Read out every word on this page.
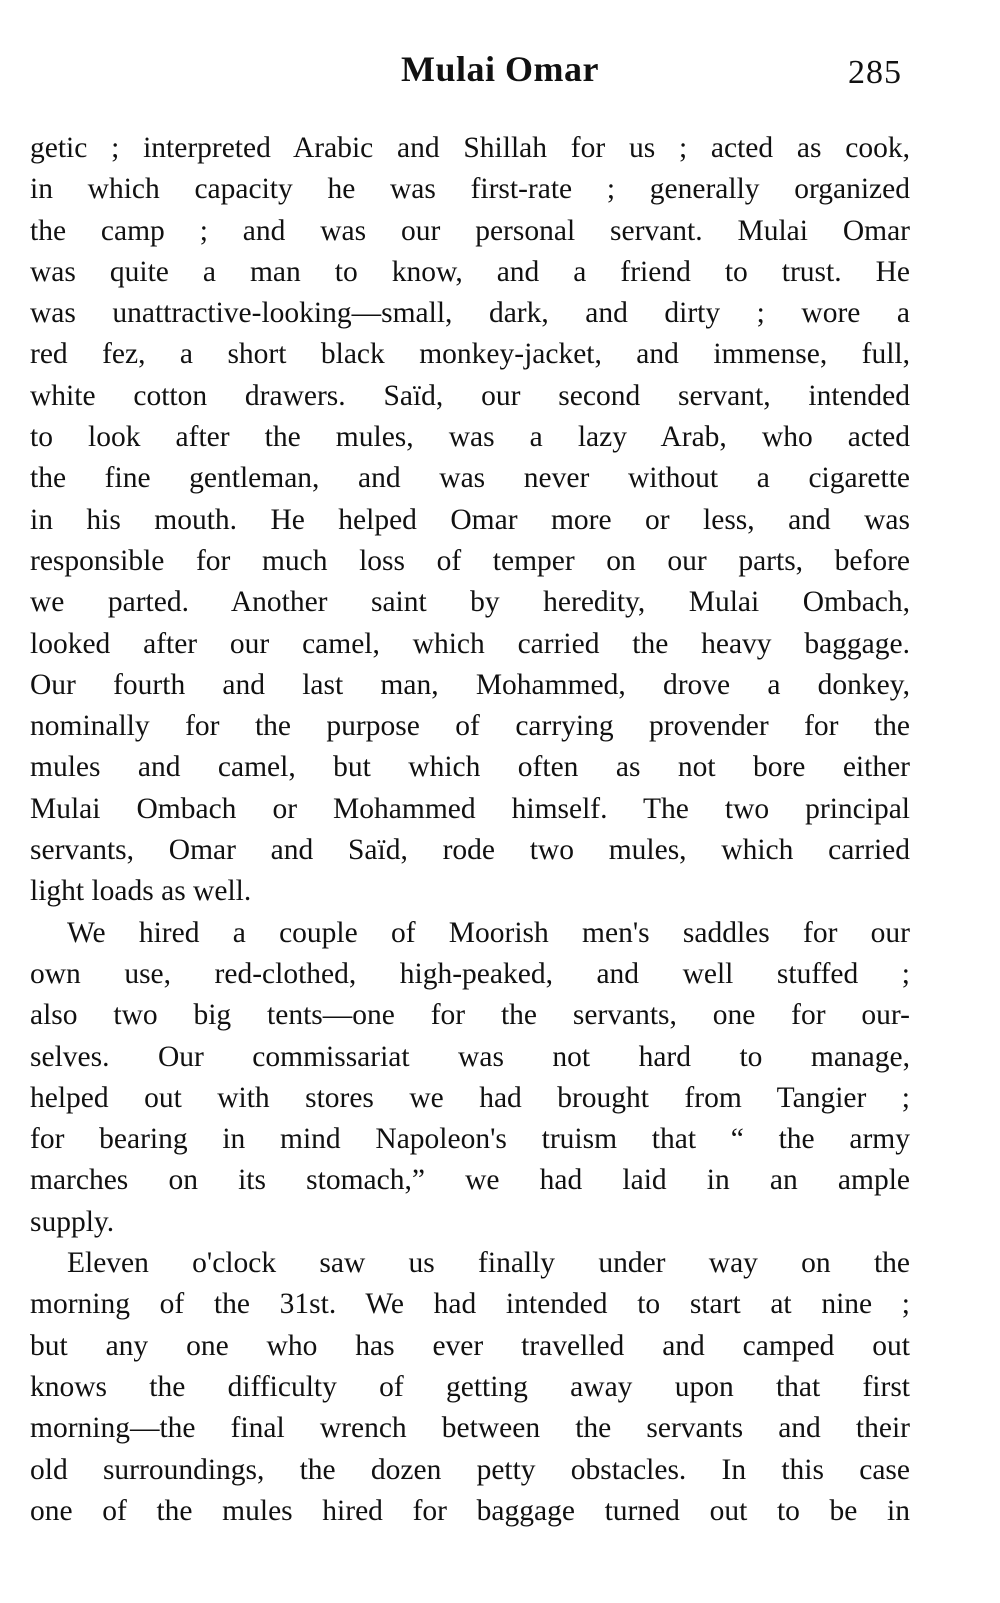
Mulai Omar	285
getic ; interpreted Arabic and Shillah for us ; acted as cook,
in which capacity he was first-rate ; generally organized
the camp ; and was our personal servant. Mulai Omar
was quite a man to know, and a friend to trust. He
was unattractive-looking—small, dark, and dirty ; wore a
red fez, a short black monkey-jacket, and immense, full,
white cotton drawers. Saïd, our second servant, intended
to look after the mules, was a lazy Arab, who acted
the fine gentleman, and was never without a cigarette
in his mouth. He helped Omar more or less, and was
responsible for much loss of temper on our parts, before
we parted. Another saint by heredity, Mulai Ombach,
looked after our camel, which carried the heavy baggage.
Our fourth and last man, Mohammed, drove a donkey,
nominally for the purpose of carrying provender for the
mules and camel, but which often as not bore either
Mulai Ombach or Mohammed himself. The two principal
servants, Omar and Saïd, rode two mules, which carried
light loads as well.
We hired a couple of Moorish men's saddles for our
own use, red-clothed, high-peaked, and well stuffed ;
also two big tents—one for the servants, one for our-
selves. Our commissariat was not hard to manage,
helped out with stores we had brought from Tangier ;
for bearing in mind Napoleon's truism that “ the army
marches on its stomach,” we had laid in an ample
supply.
Eleven o'clock saw us finally under way on the
morning of the 31st. We had intended to start at nine ;
but any one who has ever travelled and camped out
knows the difficulty of getting away upon that first
morning—the final wrench between the servants and their
old surroundings, the dozen petty obstacles. In this case
one of the mules hired for baggage turned out to be in
